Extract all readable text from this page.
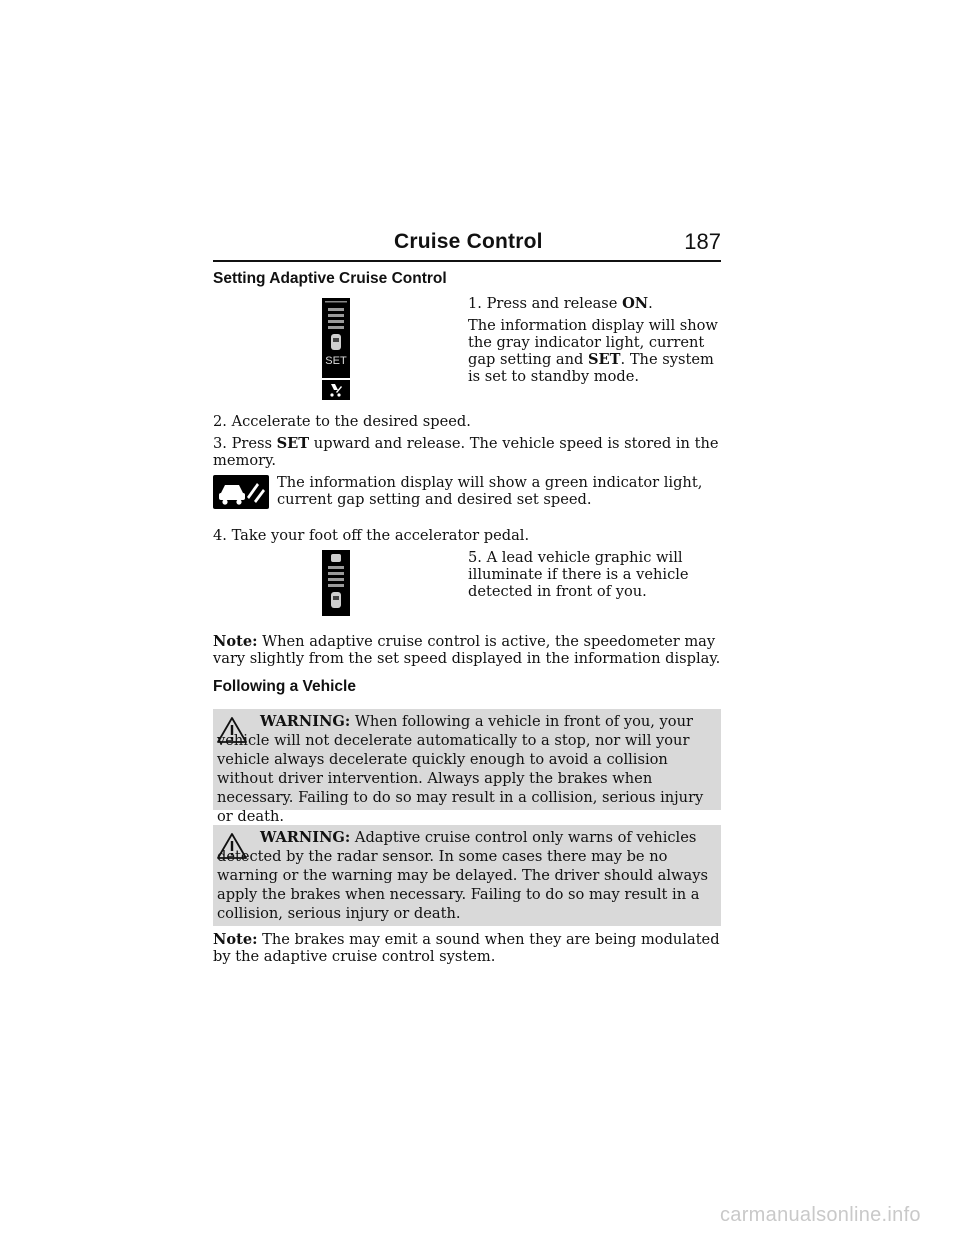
Cruise Control	187
Setting Adaptive Cruise Control
SET

1. Press and release ON.

The information display will show the gray indicator light, current gap setting and SET. The system is set to standby mode.

2. Accelerate to the desired speed.

3. Press SET upward and release. The vehicle speed is stored in the memory.

The information display will show a green indicator light, current gap setting and desired set speed.

4. Take your foot off the accelerator pedal.

5. A lead vehicle graphic will illuminate if there is a vehicle detected in front of you.

Note: When adaptive cruise control is active, the speedometer may vary slightly from the set speed displayed in the information display.

Following a Vehicle

WARNING: When following a vehicle in front of you, your vehicle will not decelerate automatically to a stop, nor will your vehicle always decelerate quickly enough to avoid a collision without driver intervention. Always apply the brakes when necessary. Failing to do so may result in a collision, serious injury or death.

WARNING: Adaptive cruise control only warns of vehicles detected by the radar sensor. In some cases there may be no warning or the warning may be delayed. The driver should always apply the brakes when necessary. Failing to do so may result in a collision, serious injury or death.

Note: The brakes may emit a sound when they are being modulated by the adaptive cruise control system.

carmanualsonline.info
